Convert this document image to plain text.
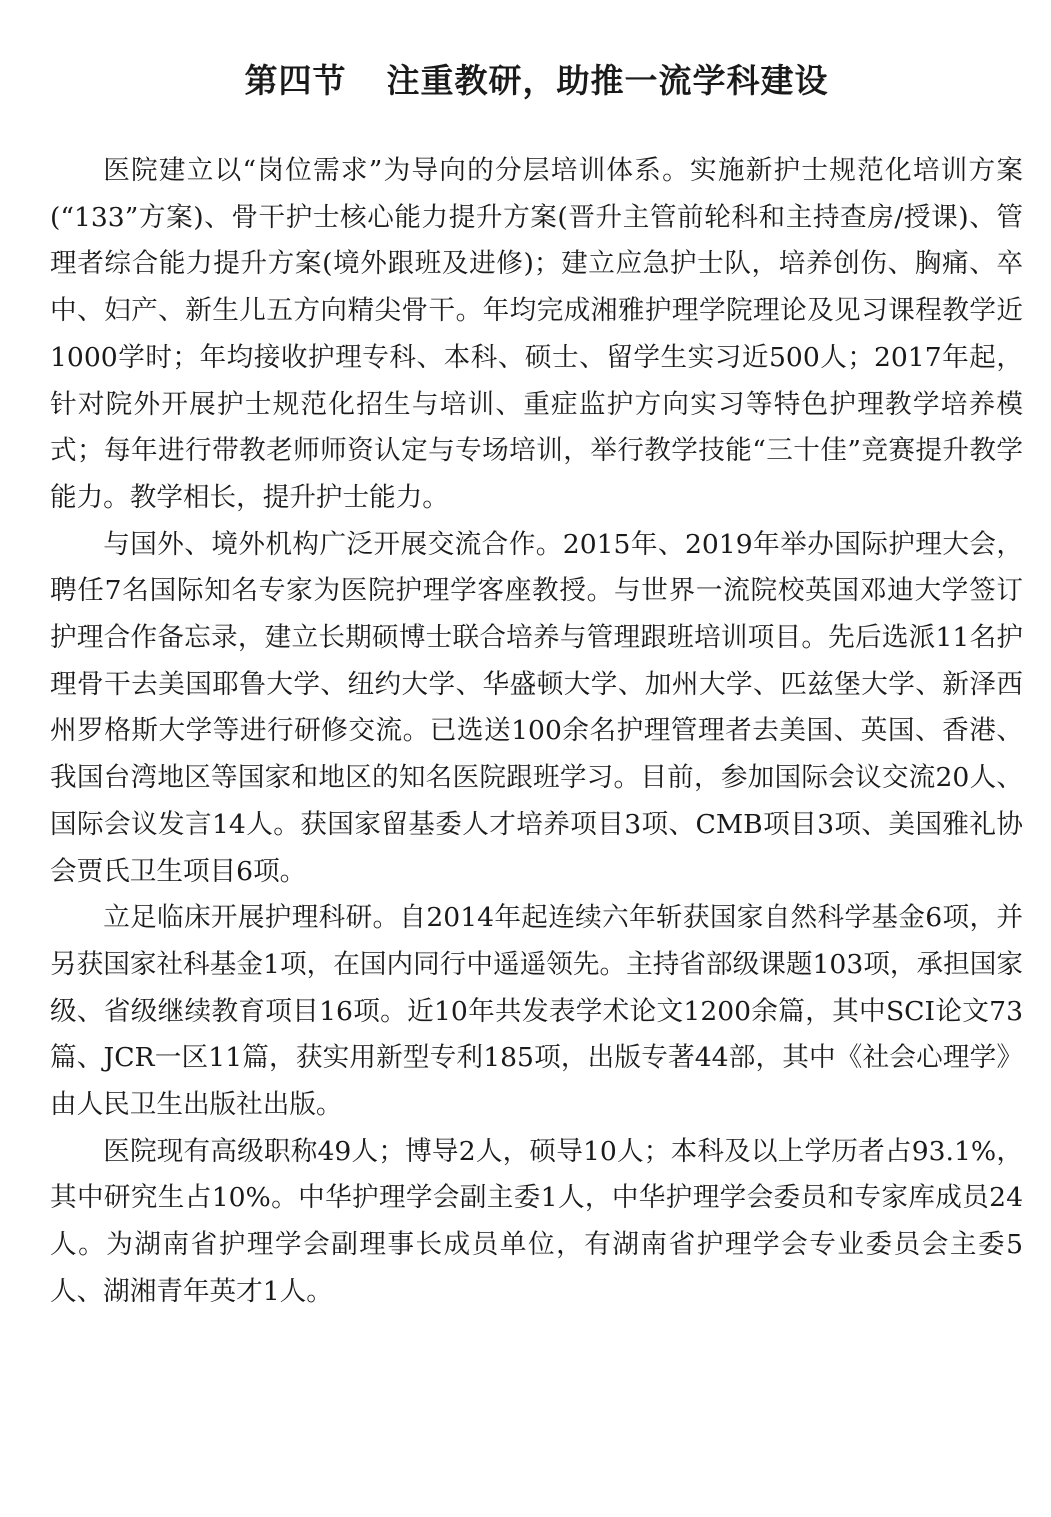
第四节 注重教研，助推一流学科建设

医院建立以“岗位需求”为导向的分层培训体系。实施新护士规范化培训方案(“133”方案)、骨干护士核心能力提升方案(晋升主管前轮科和主持查房/授课)、管理者综合能力提升方案(境外跟班及进修)；建立应急护士队，培养创伤、胸痛、卒中、妇产、新生儿五方向精尖骨干。年均完成湘雅护理学院理论及见习课程教学近1000学时；年均接收护理专科、本科、硕士、留学生实习近500人；2017年起，针对院外开展护士规范化招生与培训、重症监护方向实习等特色护理教学培养模式；每年进行带教老师师资认定与专场培训，举行教学技能“三十佳”竞赛提升教学能力。教学相长，提升护士能力。

与国外、境外机构广泛开展交流合作。2015年、2019年举办国际护理大会，聘任7名国际知名专家为医院护理学客座教授。与世界一流院校英国邓迪大学签订护理合作备忘录，建立长期硕博士联合培养与管理跟班培训项目。先后选派11名护理骨干去美国耶鲁大学、纽约大学、华盛顿大学、加州大学、匹兹堡大学、新泽西州罗格斯大学等进行研修交流。已选送100余名护理管理者去美国、英国、香港、我国台湾地区等国家和地区的知名医院跟班学习。目前，参加国际会议交流20人、国际会议发言14人。获国家留基委人才培养项目3项、CMB项目3项、美国雅礼协会贾氏卫生项目6项。

立足临床开展护理科研。自2014年起连续六年斩获国家自然科学基金6项，并另获国家社科基金1项，在国内同行中遥遥领先。主持省部级课题103项，承担国家级、省级继续教育项目16项。近10年共发表学术论文1200余篇，其中SCI论文73篇、JCR一区11篇，获实用新型专利185项，出版专著44部，其中《社会心理学》由人民卫生出版社出版。

医院现有高级职称49人；博导2人，硕导10人；本科及以上学历者占93.1%，其中研究生占10%。中华护理学会副主委1人，中华护理学会委员和专家库成员24人。为湖南省护理学会副理事长成员单位，有湖南省护理学会专业委员会主委5人、湖湘青年英才1人。
